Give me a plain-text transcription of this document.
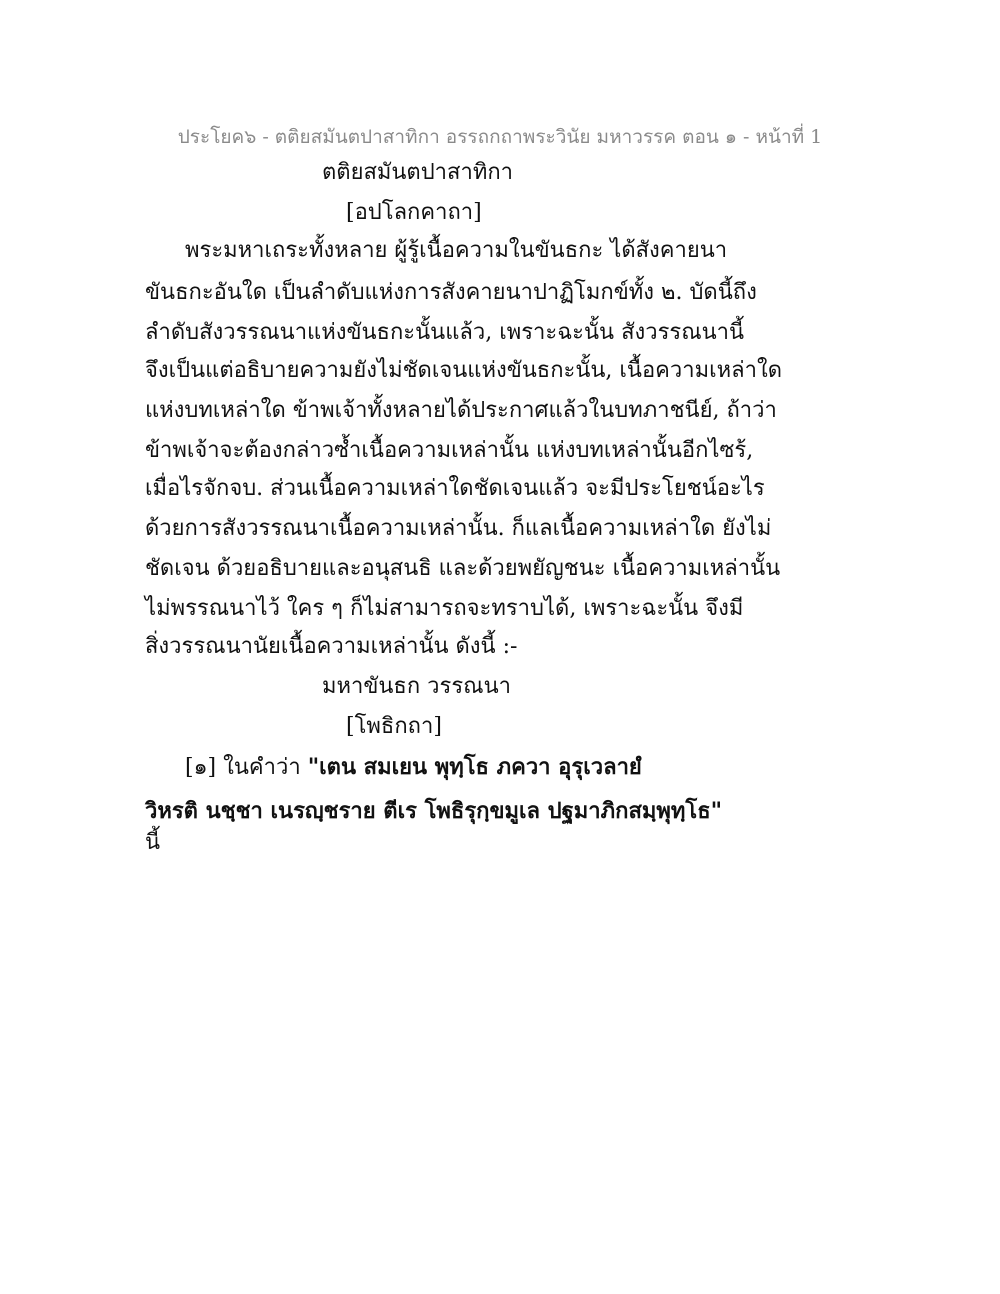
ประโยค๖ - ตติยสมันตปาสาทิกา อรรถกถาพระวินัย มหาวรรค ตอน ๑ - หน้าที่ 1
ตติยสมันตปาสาทิกา
[อปโลกคาถา]
พระมหาเถระทั้งหลาย ผู้รู้เนื้อความในขันธกะ ได้สังคายนา
ขันธกะอันใด เป็นลำดับแห่งการสังคายนาปาฏิโมกข์ทั้ง ๒. บัดนี้ถึง
ลำดับสังวรรณนาแห่งขันธกะนั้นแล้ว, เพราะฉะนั้น สังวรรณนานี้
จึงเป็นแต่อธิบายความยังไม่ชัดเจนแห่งขันธกะนั้น, เนื้อความเหล่าใด
แห่งบทเหล่าใด ข้าพเจ้าทั้งหลายได้ประกาศแล้วในบทภาชนีย์, ถ้าว่า
ข้าพเจ้าจะต้องกล่าวซ้ำเนื้อความเหล่านั้น แห่งบทเหล่านั้นอีกไซร้,
เมื่อไรจักจบ. ส่วนเนื้อความเหล่าใดชัดเจนแล้ว จะมีประโยชน์อะไร
ด้วยการสังวรรณนาเนื้อความเหล่านั้น. ก็แลเนื้อความเหล่าใด ยังไม่
ชัดเจน ด้วยอธิบายและอนุสนธิ และด้วยพยัญชนะ เนื้อความเหล่านั้น
ไม่พรรณนาไว้ ใคร ๆ ก็ไม่สามารถจะทราบได้, เพราะฉะนั้น จึงมี
สิ่งวรรณนานัยเนื้อความเหล่านั้น ดังนี้ :-
มหาขันธก วรรณนา
[โพธิกถา]
[๑] ในคำว่า "เตน สมเยน พุทฺโธ ภควา อุรุเวลายํ
วิหรติ นชฺชา เนรญฺชราย ตีเร โพธิรุกฺขมูเล ปฐมาภิกสมฺพุทฺโธ"
นี้
